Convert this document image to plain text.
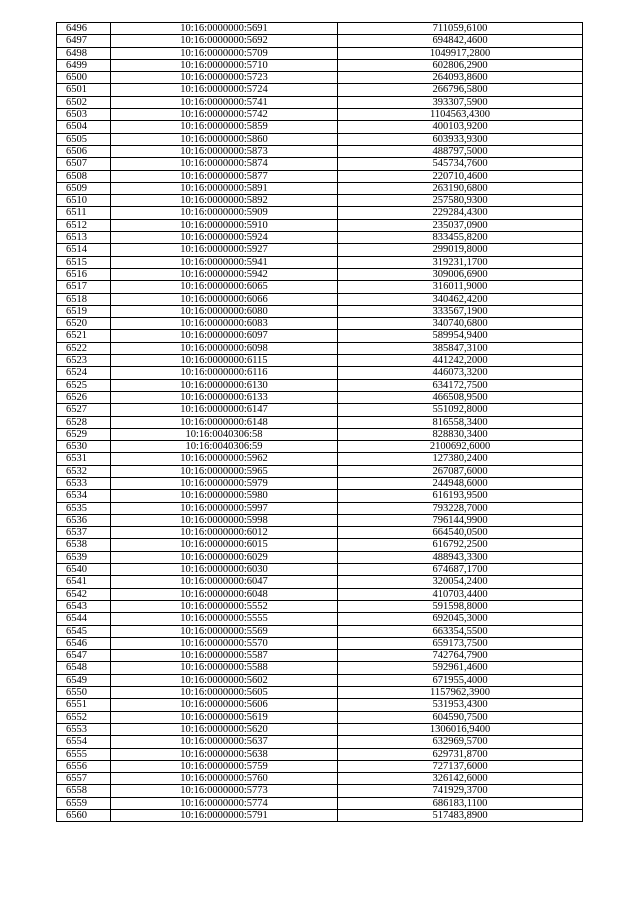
6496	10:16:0000000:5691	711059,6100
6497	10:16:0000000:5692	694842,4600
6498	10:16:0000000:5709	1049917,2800
6499	10:16:0000000:5710	602806,2900
6500	10:16:0000000:5723	264093,8600
6501	10:16:0000000:5724	266796,5800
6502	10:16:0000000:5741	393307,5900
6503	10:16:0000000:5742	1104563,4300
6504	10:16:0000000:5859	400103,9200
6505	10:16:0000000:5860	603933,9300
6506	10:16:0000000:5873	488797,5000
6507	10:16:0000000:5874	545734,7600
6508	10:16:0000000:5877	220710,4600
6509	10:16:0000000:5891	263190,6800
6510	10:16:0000000:5892	257580,9300
6511	10:16:0000000:5909	229284,4300
6512	10:16:0000000:5910	235037,0900
6513	10:16:0000000:5924	833455,8200
6514	10:16:0000000:5927	299019,8000
6515	10:16:0000000:5941	319231,1700
6516	10:16:0000000:5942	309006,6900
6517	10:16:0000000:6065	316011,9000
6518	10:16:0000000:6066	340462,4200
6519	10:16:0000000:6080	333567,1900
6520	10:16:0000000:6083	340740,6800
6521	10:16:0000000:6097	589954,9400
6522	10:16:0000000:6098	385847,3100
6523	10:16:0000000:6115	441242,2000
6524	10:16:0000000:6116	446073,3200
6525	10:16:0000000:6130	634172,7500
6526	10:16:0000000:6133	466508,9500
6527	10:16:0000000:6147	551092,8000
6528	10:16:0000000:6148	816558,3400
6529	10:16:0040306:58	828830,3400
6530	10:16:0040306:59	2100692,6000
6531	10:16:0000000:5962	127380,2400
6532	10:16:0000000:5965	267087,6000
6533	10:16:0000000:5979	244948,6000
6534	10:16:0000000:5980	616193,9500
6535	10:16:0000000:5997	793228,7000
6536	10:16:0000000:5998	796144,9900
6537	10:16:0000000:6012	664540,0500
6538	10:16:0000000:6015	616792,2500
6539	10:16:0000000:6029	488943,3300
6540	10:16:0000000:6030	674687,1700
6541	10:16:0000000:6047	320054,2400
6542	10:16:0000000:6048	410703,4400
6543	10:16:0000000:5552	591598,8000
6544	10:16:0000000:5555	692045,3000
6545	10:16:0000000:5569	663354,5500
6546	10:16:0000000:5570	659173,7500
6547	10:16:0000000:5587	742764,7900
6548	10:16:0000000:5588	592961,4600
6549	10:16:0000000:5602	671955,4000
6550	10:16:0000000:5605	1157962,3900
6551	10:16:0000000:5606	531953,4300
6552	10:16:0000000:5619	604590,7500
6553	10:16:0000000:5620	1306016,9400
6554	10:16:0000000:5637	632969,5700
6555	10:16:0000000:5638	629731,8700
6556	10:16:0000000:5759	727137,6000
6557	10:16:0000000:5760	326142,6000
6558	10:16:0000000:5773	741929,3700
6559	10:16:0000000:5774	686183,1100
6560	10:16:0000000:5791	517483,8900
